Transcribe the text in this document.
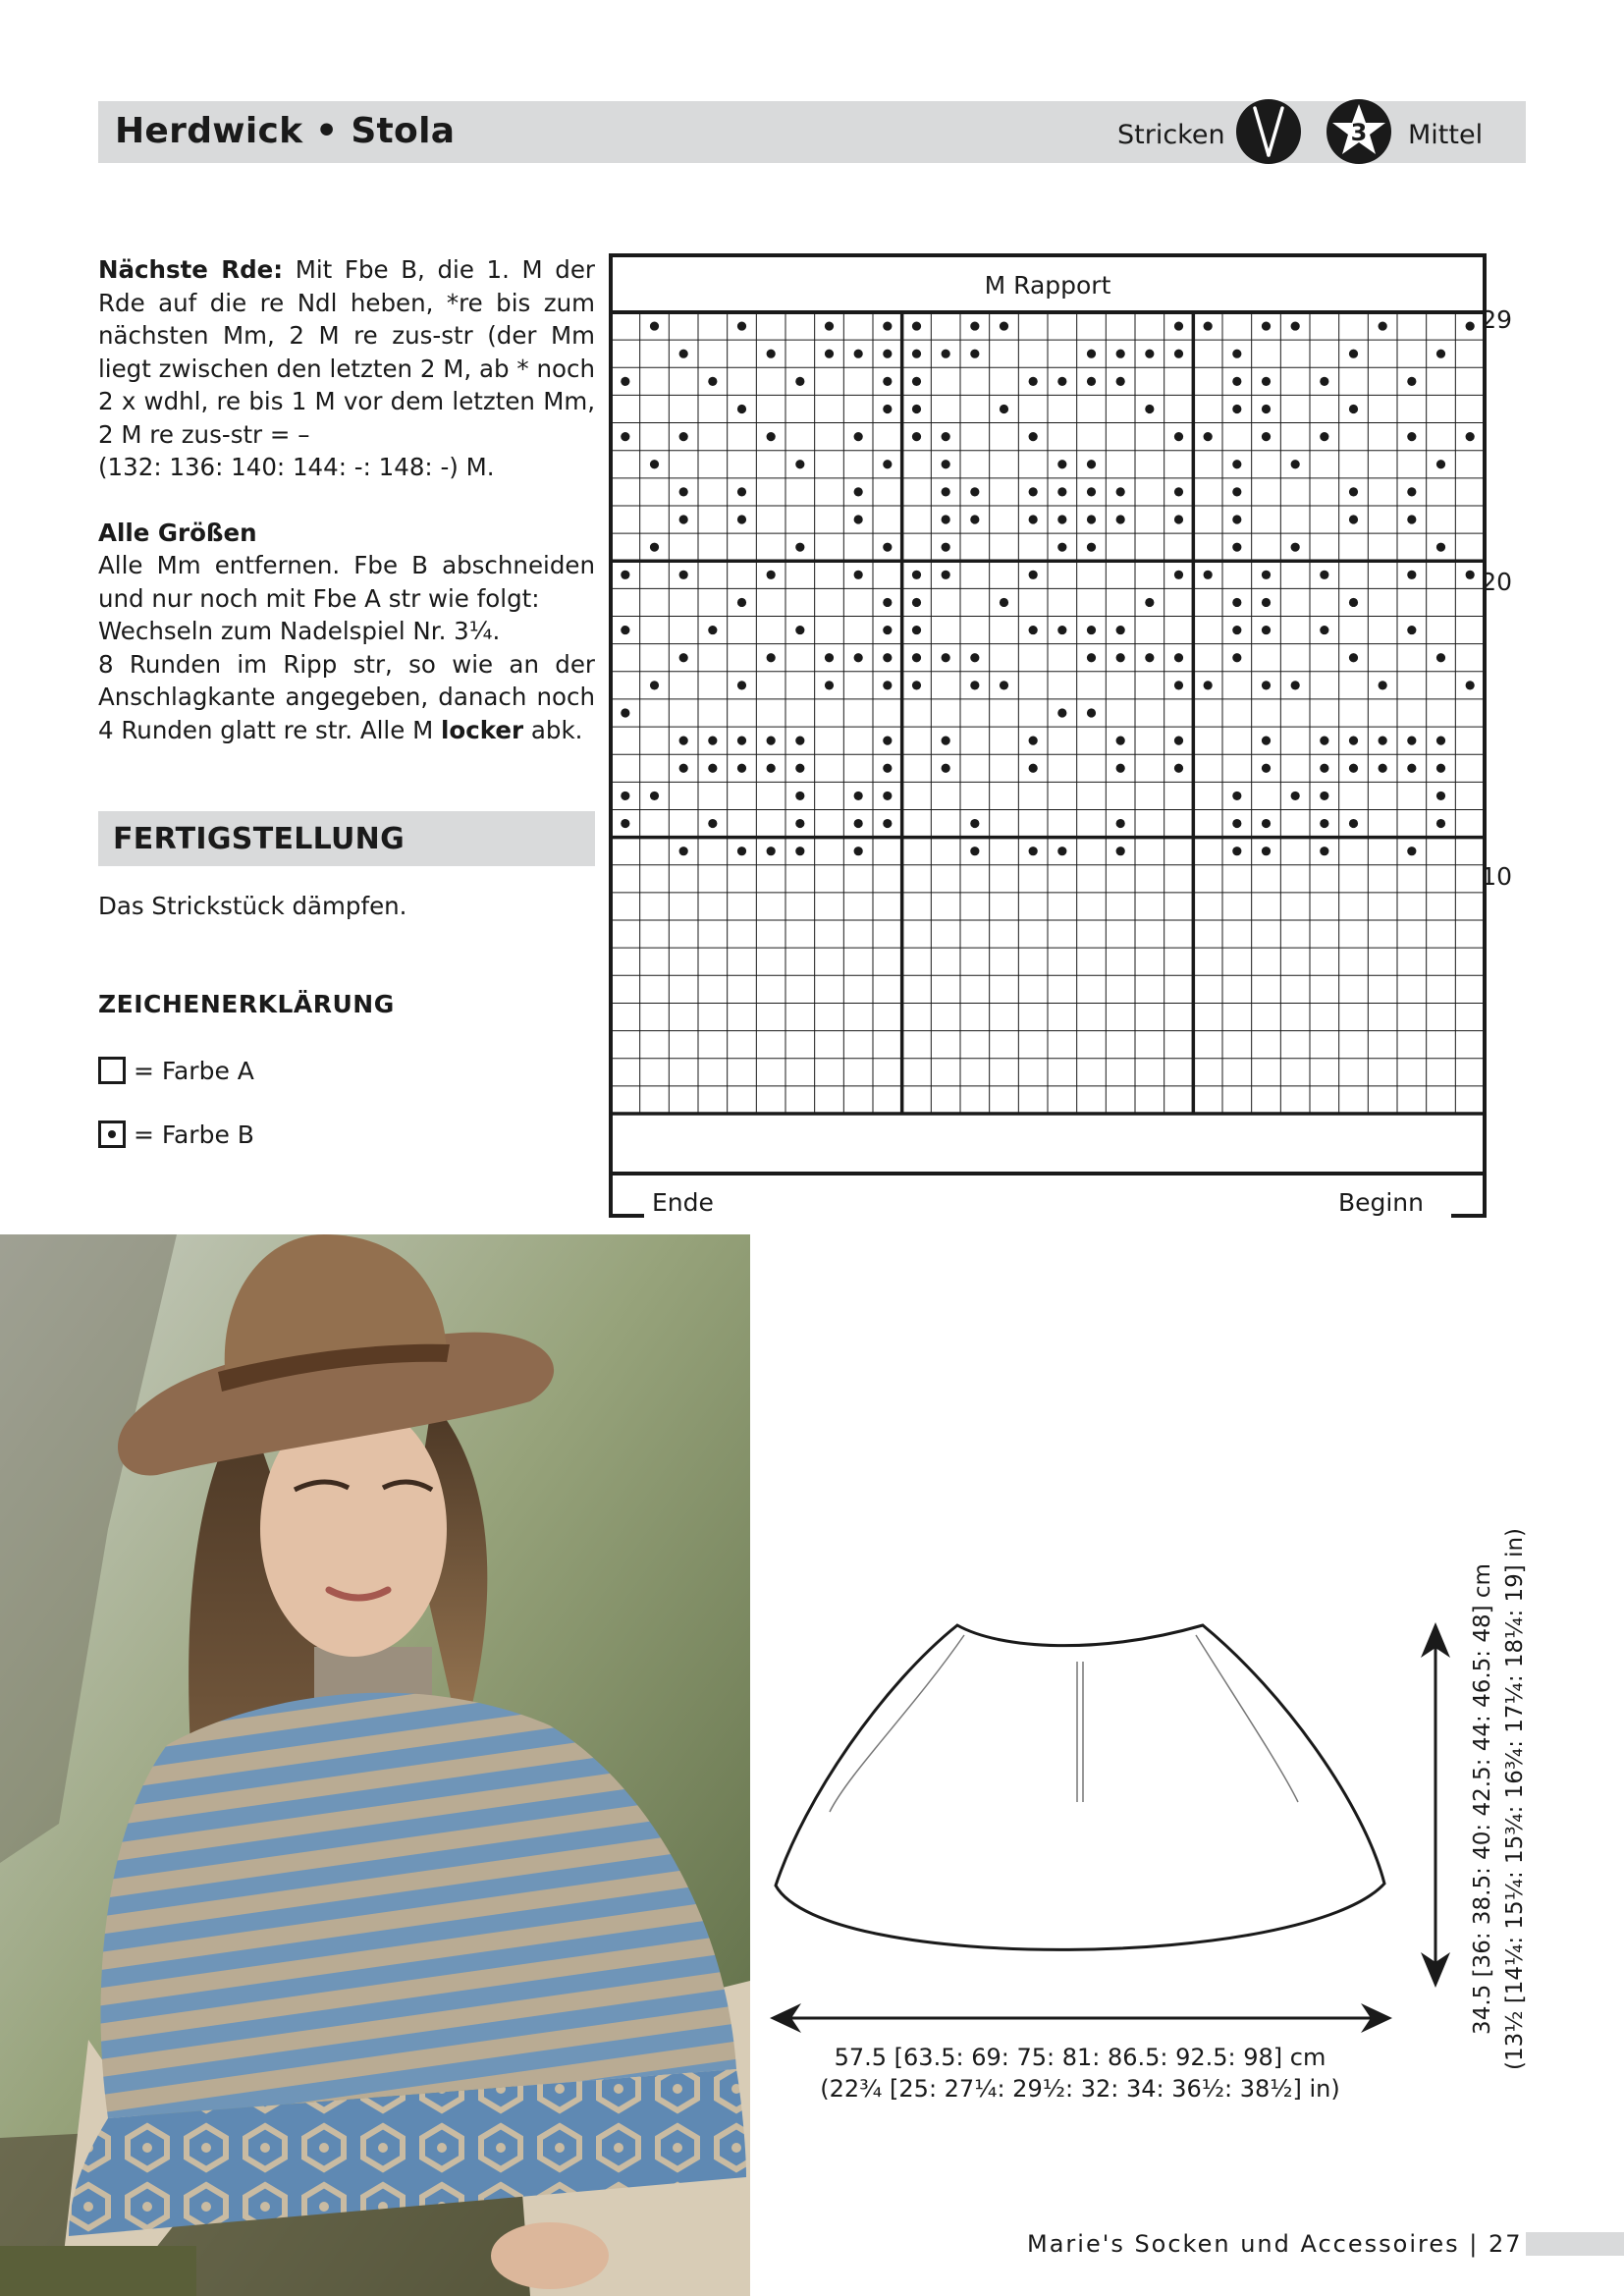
Herdwick • Stola	Stricken	3 Mittel

Nächste Rde: Mit Fbe B, die 1. M der Rde auf die re Ndl heben, *re bis zum nächsten Mm, 2 M re zus-str (der Mm liegt zwischen den letzten 2 M, ab * noch 2 x wdhl, re bis 1 M vor dem letzten Mm, 2 M re zus-str = –

(132: 136: 140: 144: -: 148: -) M.

Alle Größen

Alle Mm entfernen. Fbe B abschneiden und nur noch mit Fbe A str wie folgt:

Wechseln zum Nadelspiel Nr. 3¼.

8 Runden im Ripp str, so wie an der Anschlagkante angegeben, danach noch 4 Runden glatt re str. Alle M locker abk.

FERTIGSTELLUNG
Das Strickstück dämpfen.
ZEICHENERKLÄRUNG
= Farbe A
= Farbe B
M Rapport
29
20
10
Ende	Beginn
57.5 [63.5: 69: 75: 81: 86.5: 92.5: 98] cm
(22¾ [25: 27¼: 29½: 32: 34: 36½: 38½] in)
34.5 [36: 38.5: 40: 42.5: 44: 46.5: 48] cm (13½ [14¼: 15¼: 15¾: 16¾: 17¼: 18¼: 19] in)
Marie's Socken und Accessoires | 27
